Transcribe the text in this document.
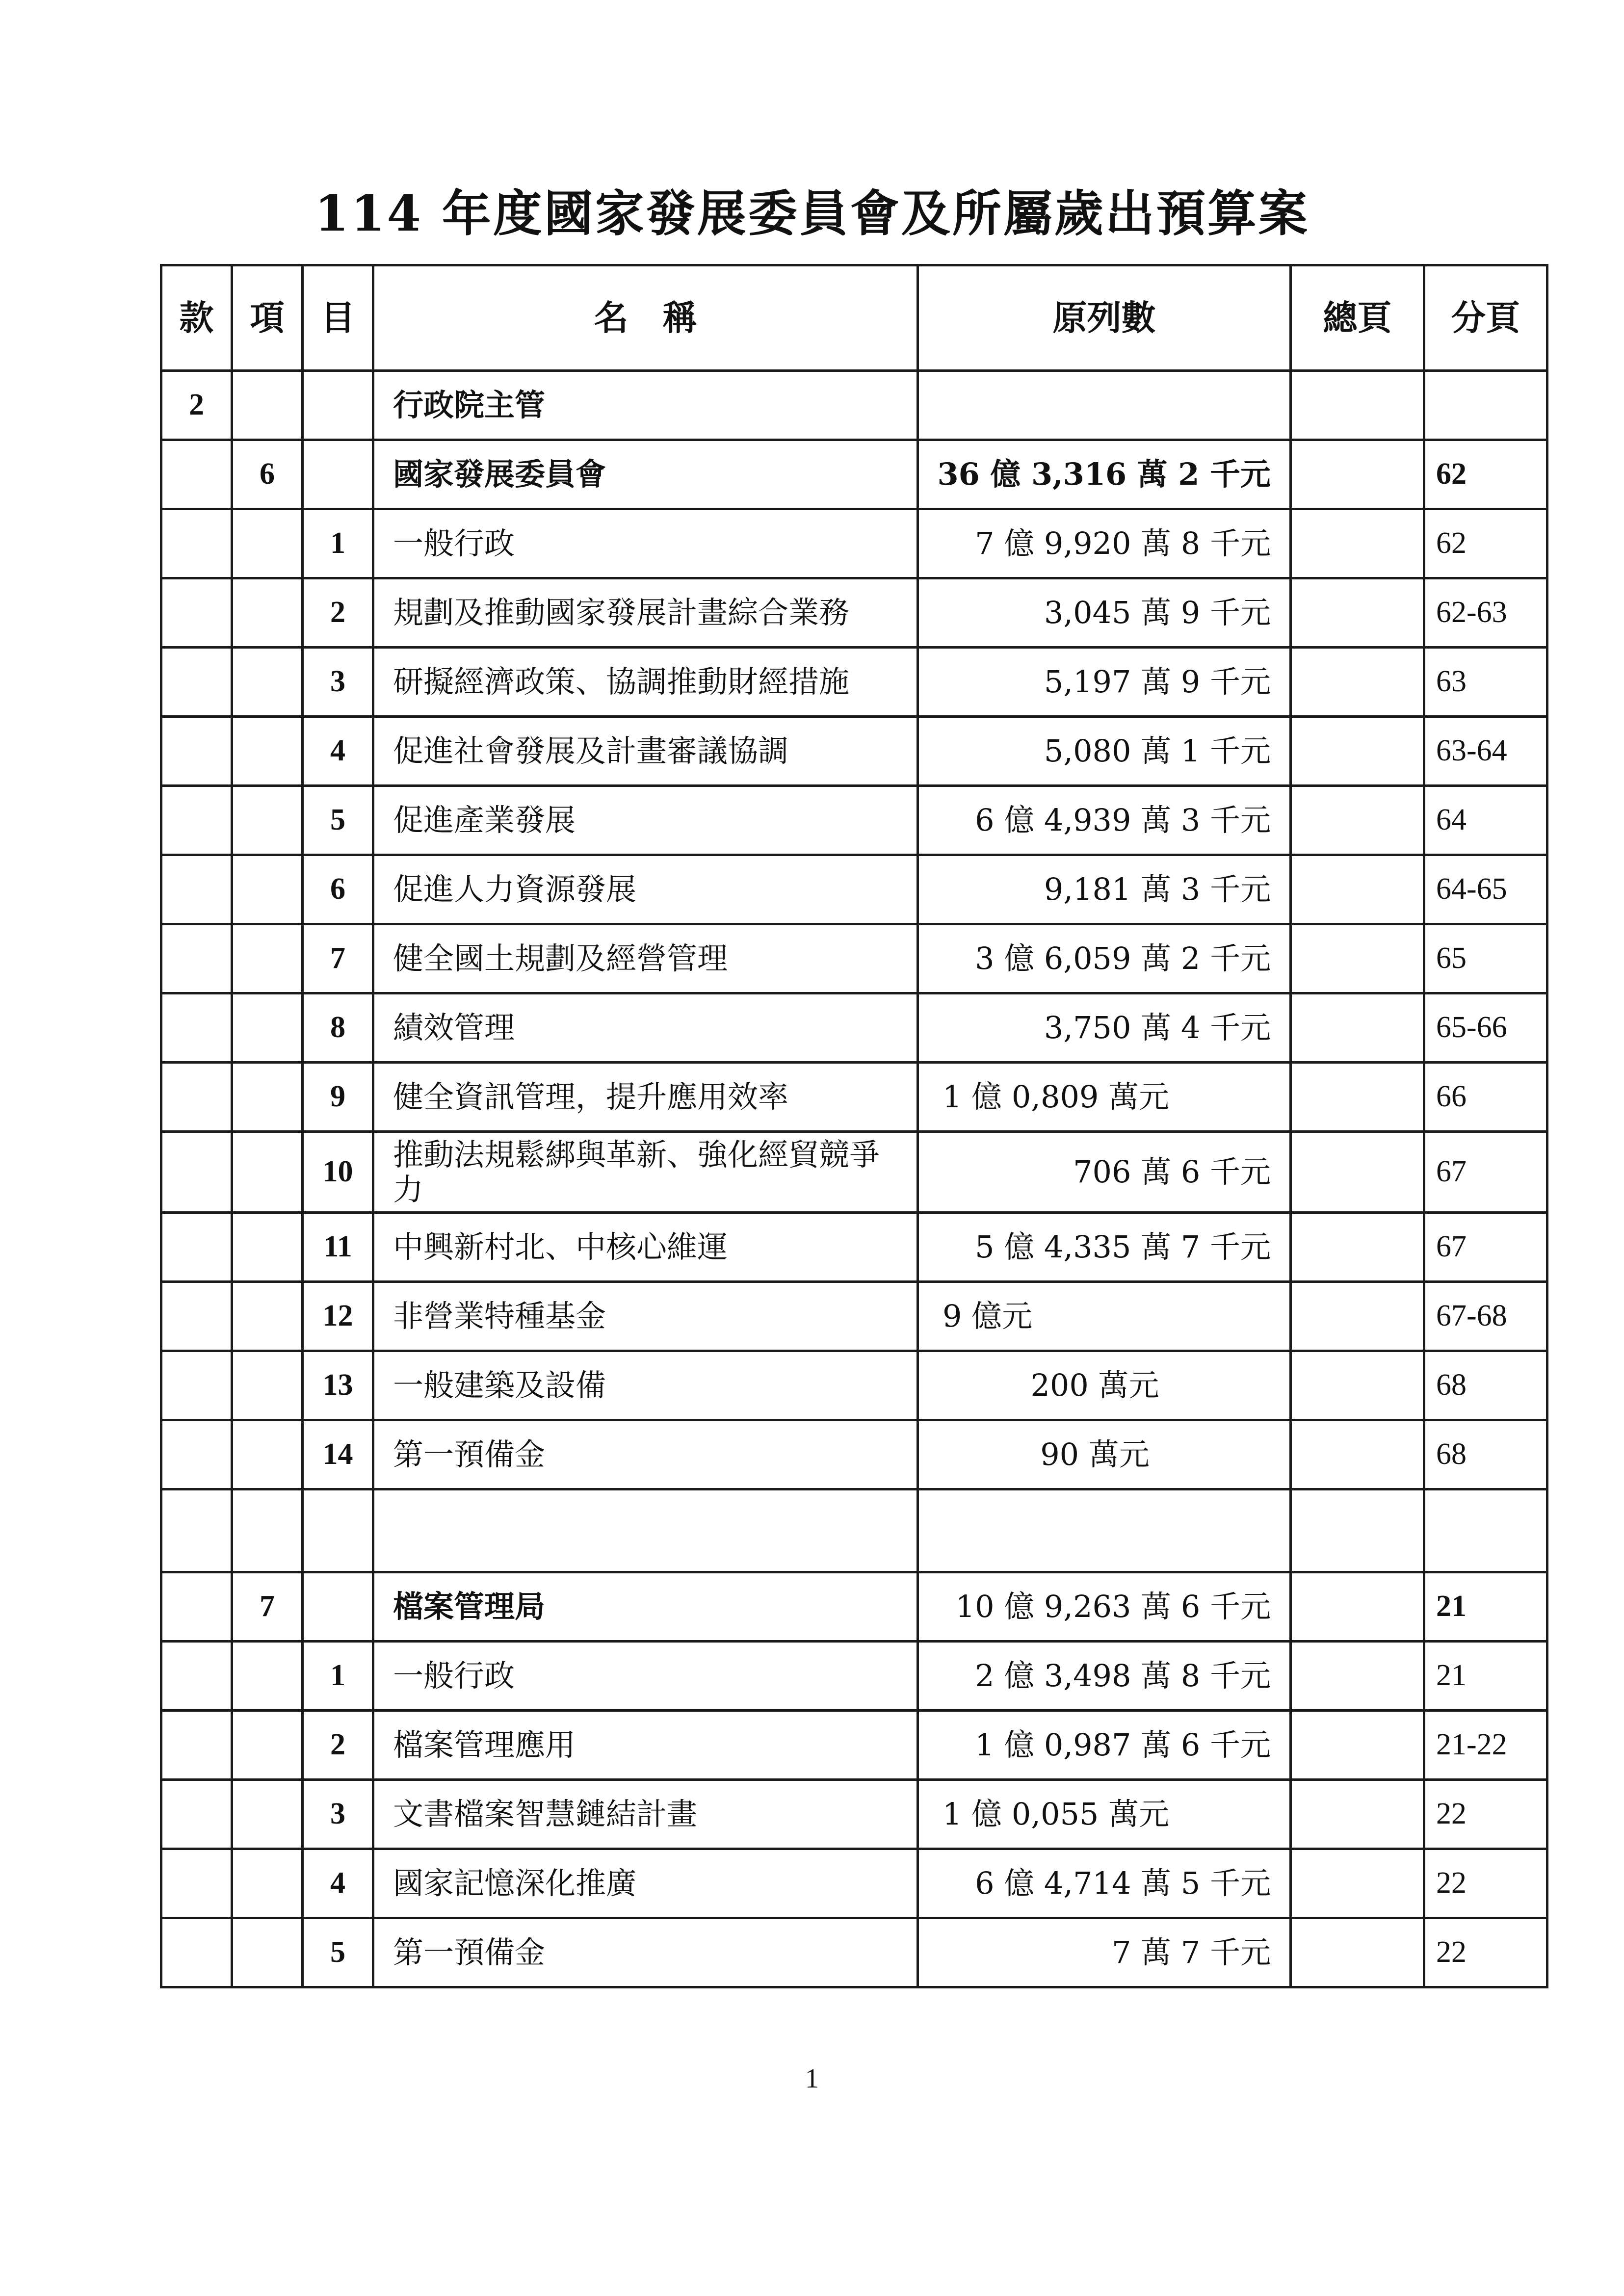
114 年度國家發展委員會及所屬歲出預算案
款	項	目	名　稱	原列數	總頁	分頁
2			行政院主管			
	6		國家發展委員會	36 億 3,316 萬 2 千元		62
		1	一般行政	7 億 9,920 萬 8 千元		62
		2	規劃及推動國家發展計畫綜合業務	3,045 萬 9 千元		62-63
		3	研擬經濟政策、協調推動財經措施	5,197 萬 9 千元		63
		4	促進社會發展及計畫審議協調	5,080 萬 1 千元		63-64
		5	促進產業發展	6 億 4,939 萬 3 千元		64
		6	促進人力資源發展	9,181 萬 3 千元		64-65
		7	健全國土規劃及經營管理	3 億 6,059 萬 2 千元		65
		8	績效管理	3,750 萬 4 千元		65-66
		9	健全資訊管理，提升應用效率	1 億 0,809 萬元		66
		10	推動法規鬆綁與革新、強化經貿競爭力	706 萬 6 千元		67
		11	中興新村北、中核心維運	5 億 4,335 萬 7 千元		67
		12	非營業特種基金	9 億元		67-68
		13	一般建築及設備	200 萬元		68
		14	第一預備金	90 萬元		68

	7		檔案管理局	10 億 9,263 萬 6 千元		21
		1	一般行政	2 億 3,498 萬 8 千元		21
		2	檔案管理應用	1 億 0,987 萬 6 千元		21-22
		3	文書檔案智慧鏈結計畫	1 億 0,055 萬元		22
		4	國家記憶深化推廣	6 億 4,714 萬 5 千元		22
		5	第一預備金	7 萬 7 千元		22
1
